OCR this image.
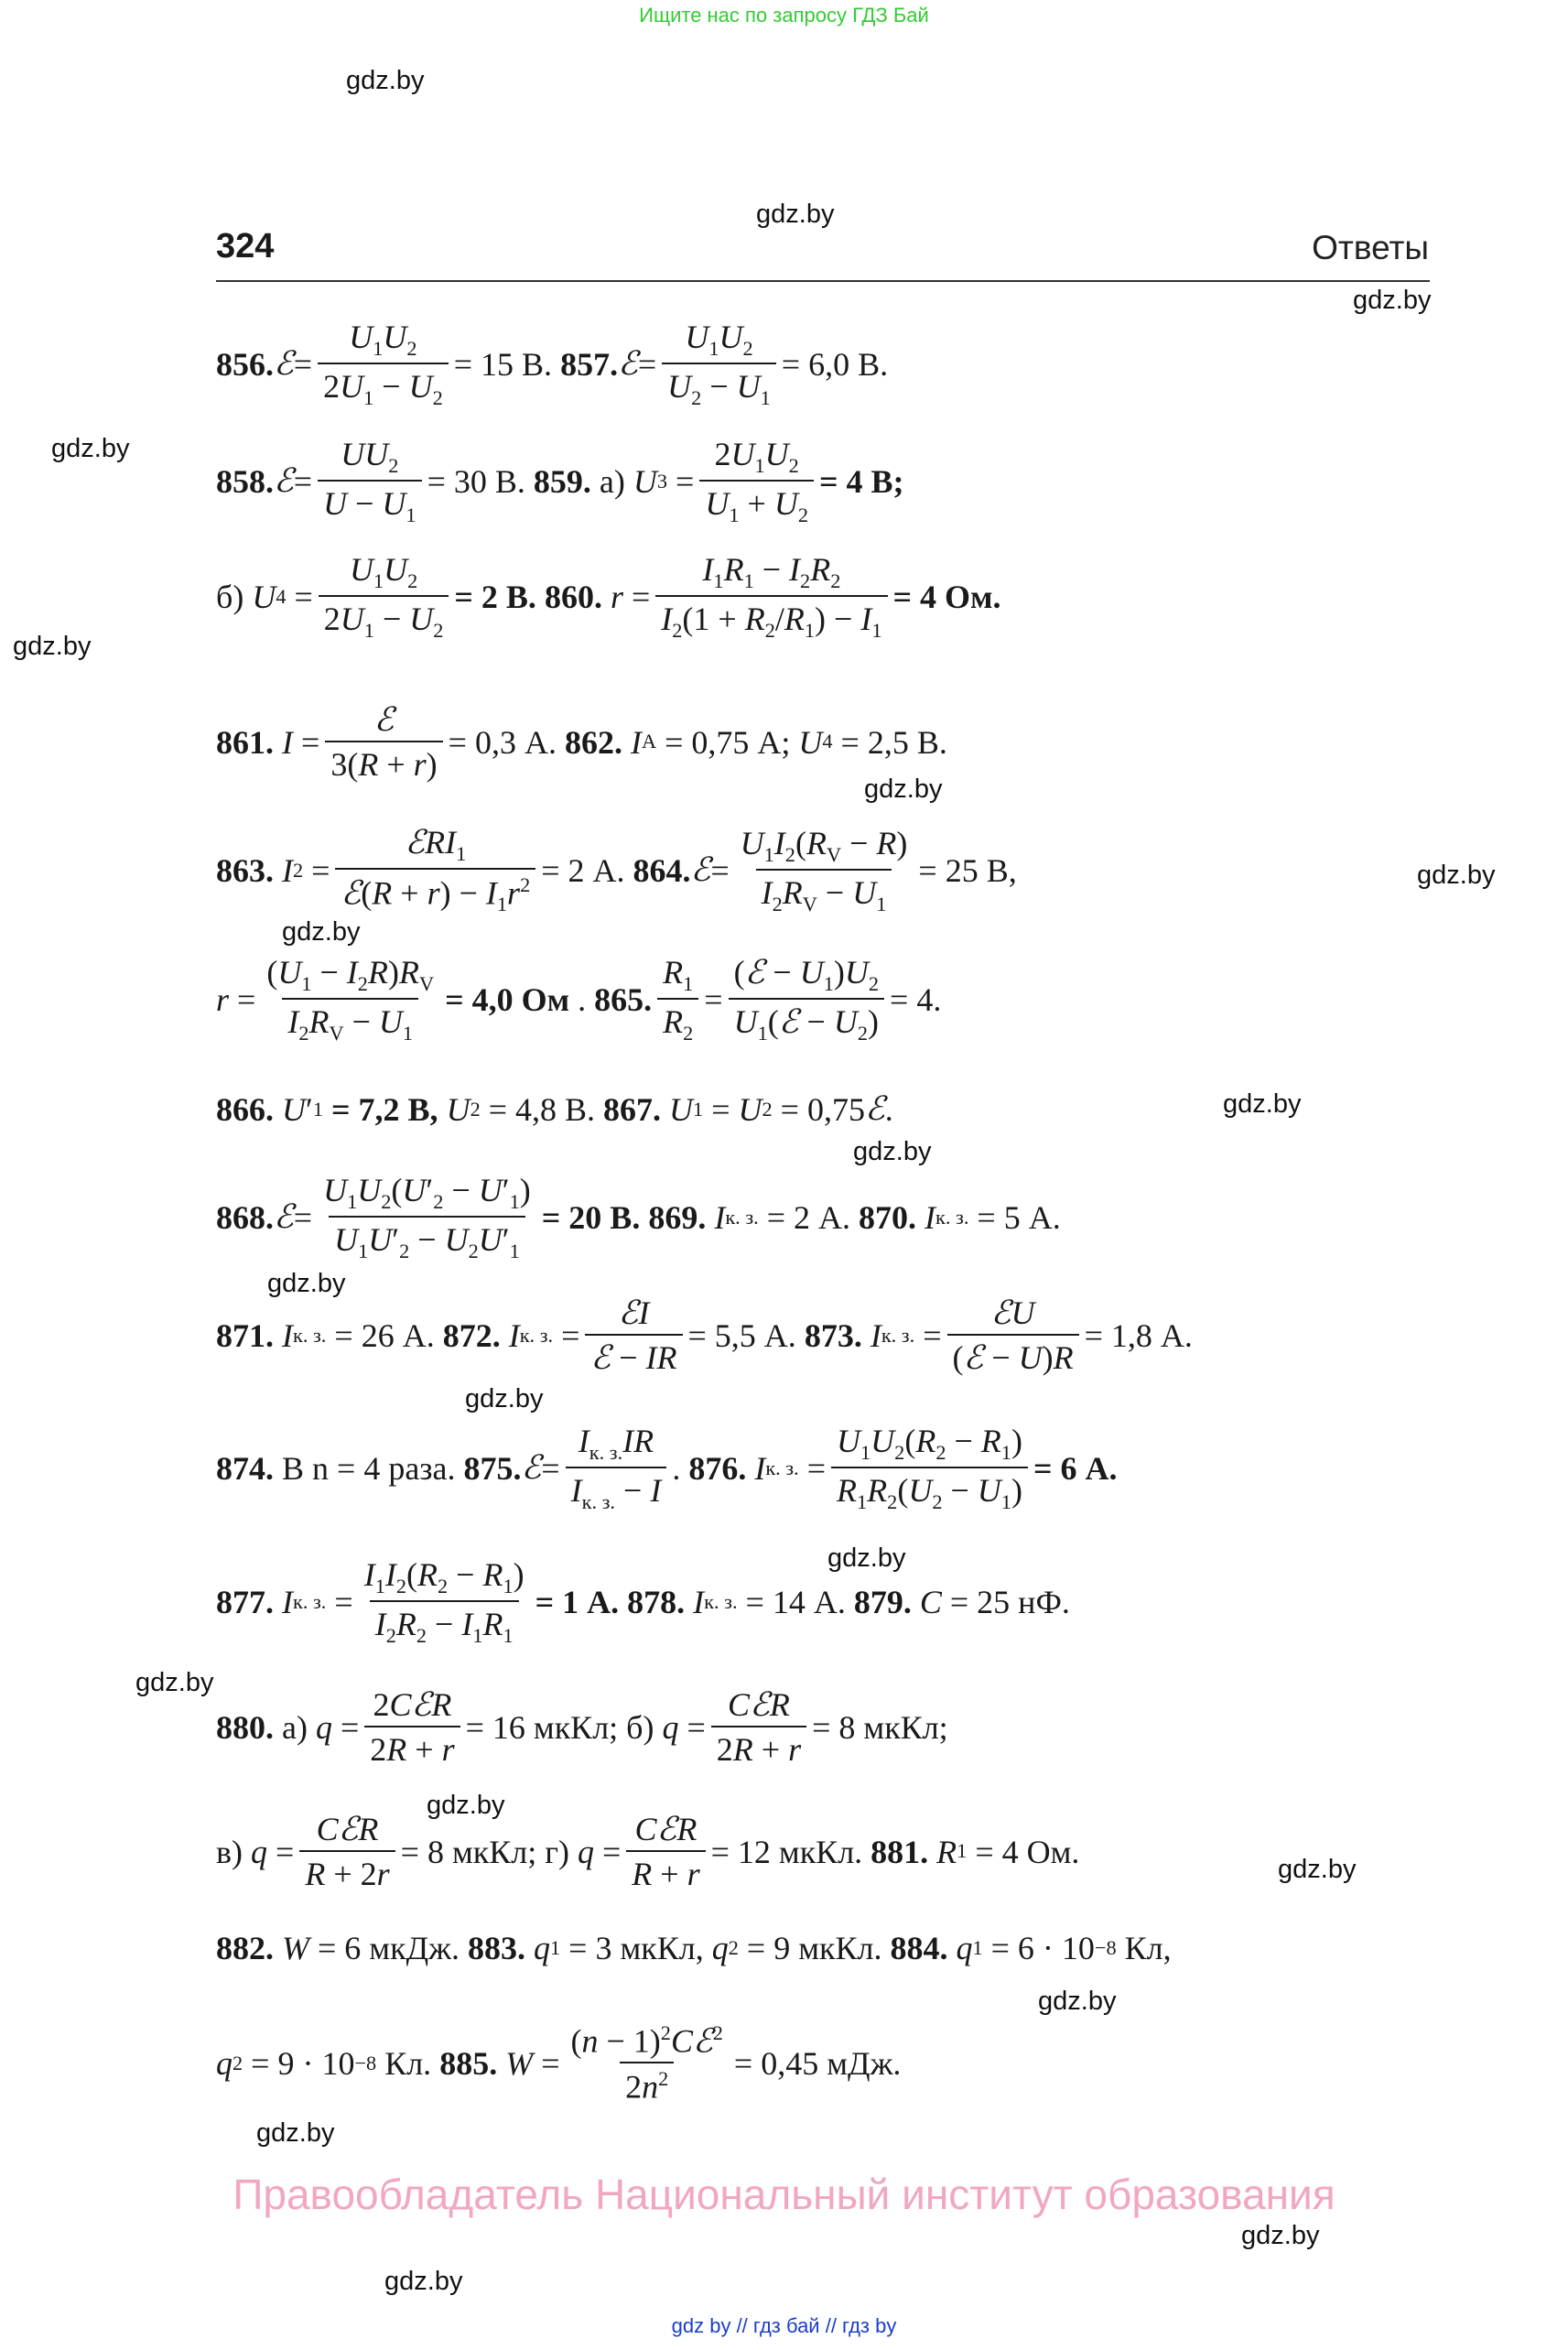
Ищите нас по запросу ГДЗ Бай
gdz.by
gdz.by
gdz.by
gdz.by
gdz.by
gdz.by
gdz.by
gdz.by
gdz.by
gdz.by
gdz.by
gdz.by
gdz.by
gdz.by
gdz.by
gdz.by
gdz.by
gdz.by
gdz.by
gdz.by
324	Ответы
856. ℰ = $\frac{U_1U_2}{2U_1 - U_2} = 15$ В.
857. ℰ = $\frac{U_1U_2}{U_2 - U_1} = 6,0$ В.
858. ℰ = $\frac{UU_2}{U - U_1} = 30$ В.
859. а) U $3 = \frac{2U_1U_2}{U_1 + U_2} = 4$ В;
б) U $4 = \frac{U_1U_2}{2U_1 - U_2} = 2$ В.
860.
$r = \frac{I_1R_1 - I_2R_2}{I_2(1 + R_2/R_1) - I_1} = 4$ Ом.
861.
$I = \frac{\text{ℰ}}{3(R + r)} = 0,3$ А.
862.
I A
= 0,75 А;
U 4
= 2,5 В.
863.
I $2 = \frac{ℰRI_1}{ℰ(R + r) - I_1r^2} = 2$ А.
864. ℰ = $\frac{U_1I_2(R_V - R)}{I_2R_V - U_1} = 25$ В,
$r = \frac{(U_1 - I_2R)R_V}{I_2R_V - U_1} = 4,0$ Ом . 865. $\frac{R_1}{R_2} = \frac{(ℰ - U_1)U_2}{U_1(ℰ - U_2)} = 4$.
866.
U ′ 1
= 7,2 В,
U 2
= 4,8 В.
867.
U 1 = U 2
= 0,75 ℰ .
868. ℰ = $\frac{U_1U_2(U'_2 - U'_1)}{U_1U'_2 - U_2U'_1} = 20$ В.
869.
I к. з.
= 2 А.
870.
I к. з.
= 5 А.
871.
I к. з.
= 26 А.
872.
I к. з. = $\frac{\text{ℰI}}{\text{ℰ − IR}} = 5,5$ А.
873.
I к. з. = $\frac{\text{ℰU}}{\text{(ℰ − U)R}} = 1,8$ А.
874.
В n = 4 раза.
875. ℰ = $\frac{I_{к. з.}IR}{I_{к. з.} - I}$ . 876.
I к. з. = $\frac{U_1U_2(R_2 - R_1)}{R_1R_2(U_2 - U_1)} = 6$ А.
877.
I к. з. = $\frac{I_1I_2(R_2 - R_1)}{I_2R_2 - I_1R_1} = 1$ А.
878.
I к. з.
= 14 А.
879.
C
= 25 нФ.
880. а) $q = \frac{\text{2CℰR}}{2R + r} = 16$ мкКл; б) $q = \frac{\text{CℰR}}{2R + r} = 8$ мкКл;
в) $q = \frac{\text{CℰR}}{R + 2r} = 8$ мкКл; г) $q = \frac{\text{CℰR}}{R + r} = 12$ мкКл.
881.
R 1
= 4 Ом.
882.
W
= 6 мкДж.
883.
q 1
= 3 мкКл,
q 2
= 9 мкКл.
884.
q 1
= 6 · 10 −8
Кл,
q 2
= 9 · 10 −8
Кл.
885.
$W = \frac{(n - 1)^2Cℰ^2}{2n^2} = 0,45$ мДж.
Правообладатель Национальный институт образования
gdz by // гдз бай // гдз by
